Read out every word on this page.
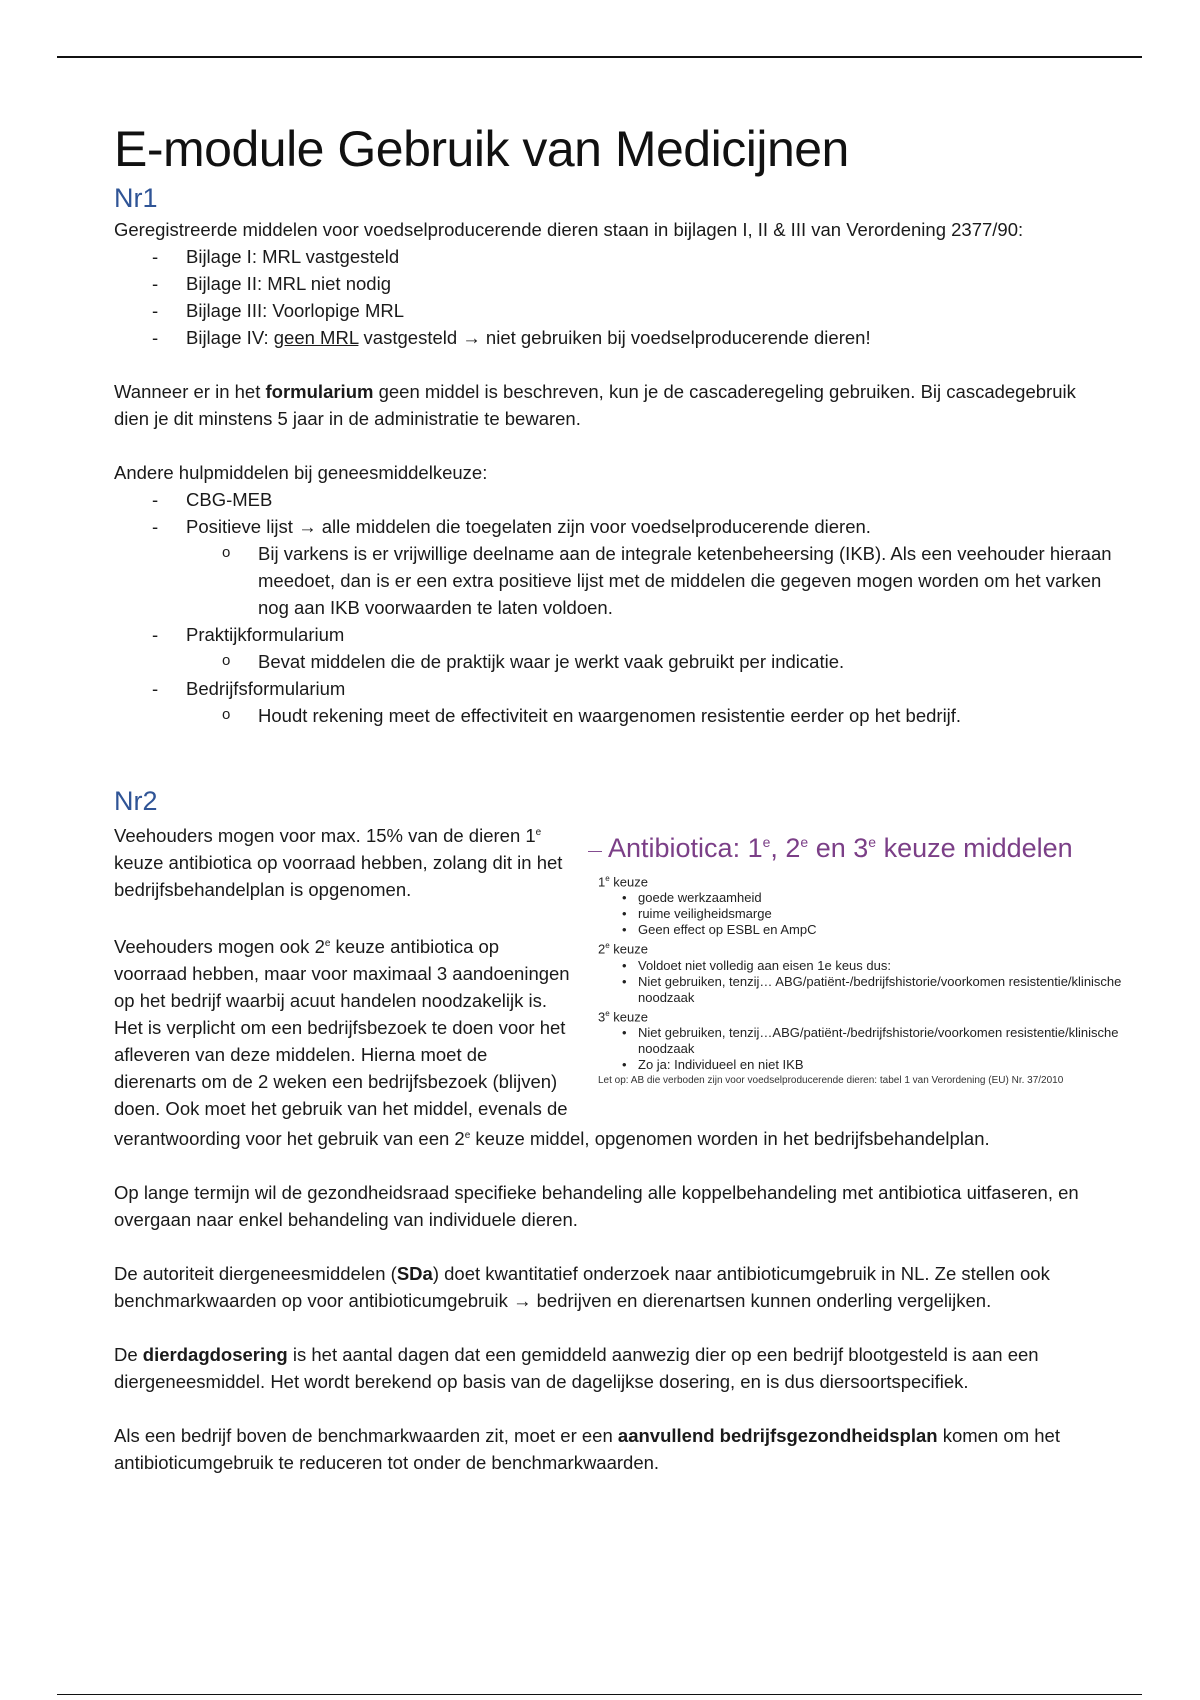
E-module Gebruik van Medicijnen
Nr1

Geregistreerde middelen voor voedselproducerende dieren staan in bijlagen I, II & III van Verordening 2377/90:

- Bijlage I: MRL vastgesteld
- Bijlage II: MRL niet nodig
- Bijlage III: Voorlopige MRL
- Bijlage IV: geen MRL vastgesteld → niet gebruiken bij voedselproducerende dieren!

Wanneer er in het formularium geen middel is beschreven, kun je de cascaderegeling gebruiken. Bij cascadegebruik dien je dit minstens 5 jaar in de administratie te bewaren.

Andere hulpmiddelen bij geneesmiddelkeuze:

- CBG-MEB
- Positieve lijst → alle middelen die toegelaten zijn voor voedselproducerende dieren.
o Bij varkens is er vrijwillige deelname aan de integrale ketenbeheersing (IKB). Als een veehouder hieraan meedoet, dan is er een extra positieve lijst met de middelen die gegeven mogen worden om het varken nog aan IKB voorwaarden te laten voldoen.
- Praktijkformularium
o Bevat middelen die de praktijk waar je werkt vaak gebruikt per indicatie.
- Bedrijfsformularium
o Houdt rekening meet de effectiviteit en waargenomen resistentie eerder op het bedrijf.
Nr2
— Antibiotica: 1e, 2e en 3e keuze middelen
1e keuze
• goede werkzaamheid
• ruime veiligheidsmarge
• Geen effect op ESBL en AmpC
2e keuze
• Voldoet niet volledig aan eisen 1e keus dus:
• Niet gebruiken, tenzij… ABG/patiënt-/bedrijfshistorie/voorkomen resistentie/klinische noodzaak
3e keuze
• Niet gebruiken, tenzij…ABG/patiënt-/bedrijfshistorie/voorkomen resistentie/klinische noodzaak
• Zo ja: Individueel en niet IKB
Let op: AB die verboden zijn voor voedselproducerende dieren: tabel 1 van Verordening (EU) Nr. 37/2010

Veehouders mogen voor max. 15% van de dieren 1e keuze antibiotica op voorraad hebben, zolang dit in het bedrijfsbehandelplan is opgenomen.

Veehouders mogen ook 2e keuze antibiotica op voorraad hebben, maar voor maximaal 3 aandoeningen op het bedrijf waarbij acuut handelen noodzakelijk is. Het is verplicht om een bedrijfsbezoek te doen voor het afleveren van deze middelen. Hierna moet de dierenarts om de 2 weken een bedrijfsbezoek (blijven) doen. Ook moet het gebruik van het middel, evenals de verantwoording voor het gebruik van een 2e keuze middel, opgenomen worden in het bedrijfsbehandelplan.

Op lange termijn wil de gezondheidsraad specifieke behandeling alle koppelbehandeling met antibiotica uitfaseren, en overgaan naar enkel behandeling van individuele dieren.

De autoriteit diergeneesmiddelen (SDa) doet kwantitatief onderzoek naar antibioticumgebruik in NL. Ze stellen ook benchmarkwaarden op voor antibioticumgebruik → bedrijven en dierenartsen kunnen onderling vergelijken.

De dierdagdosering is het aantal dagen dat een gemiddeld aanwezig dier op een bedrijf blootgesteld is aan een diergeneesmiddel. Het wordt berekend op basis van de dagelijkse dosering, en is dus diersoortspecifiek.

Als een bedrijf boven de benchmarkwaarden zit, moet er een aanvullend bedrijfsgezondheidsplan komen om het antibioticumgebruik te reduceren tot onder de benchmarkwaarden.
